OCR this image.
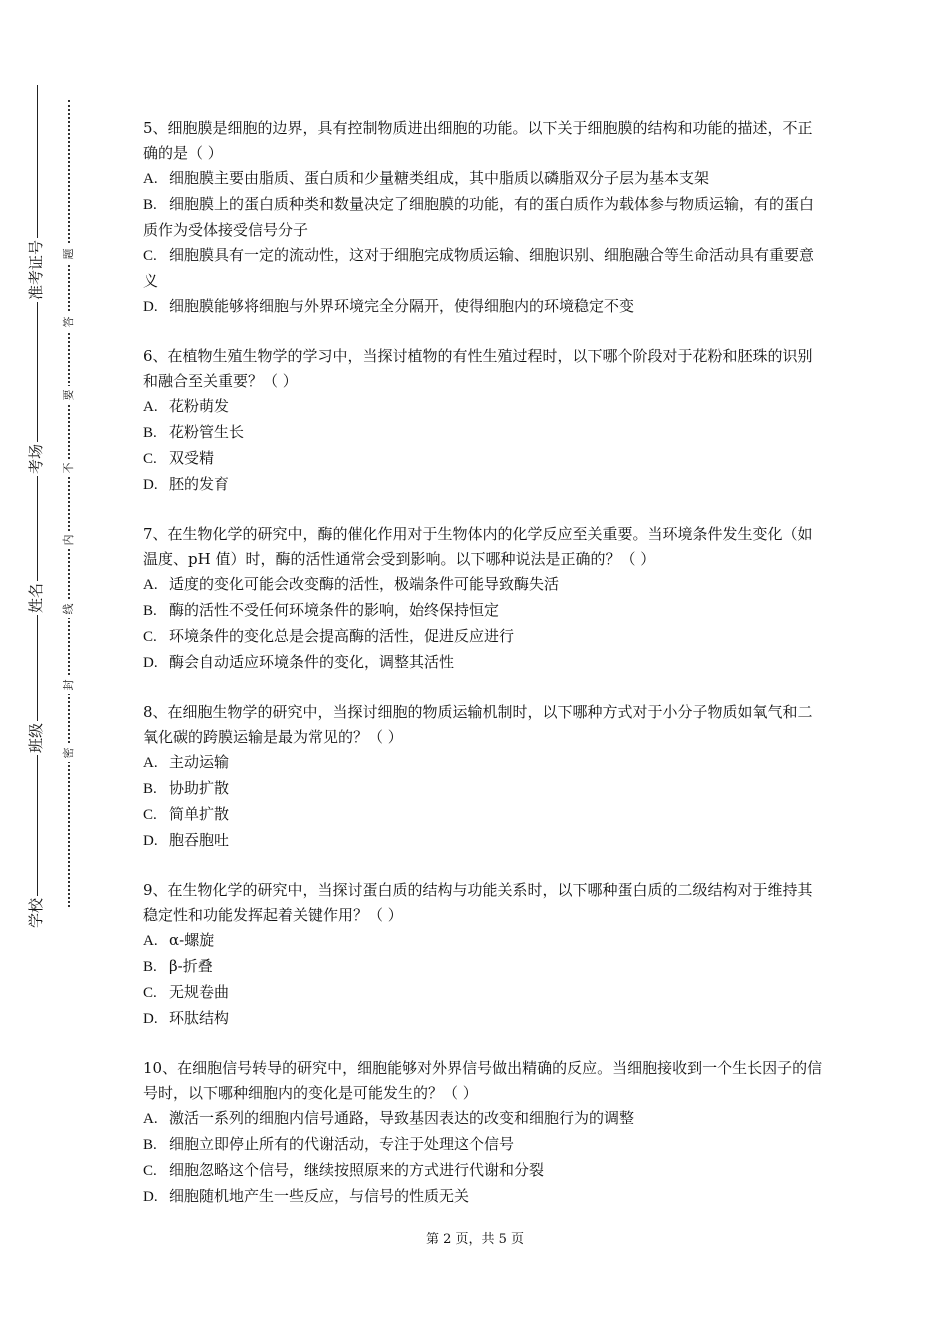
准考证号
考场
姓名
班级
学校
题
答
要
不
内
线
封
密

5、细胞膜是细胞的边界，具有控制物质进出细胞的功能。以下关于细胞膜的结构和功能的描述，不正确的是（ ）

A. 细胞膜主要由脂质、蛋白质和少量糖类组成，其中脂质以磷脂双分子层为基本支架
B. 细胞膜上的蛋白质种类和数量决定了细胞膜的功能，有的蛋白质作为载体参与物质运输，有的蛋白质作为受体接受信号分子
C. 细胞膜具有一定的流动性，这对于细胞完成物质运输、细胞识别、细胞融合等生命活动具有重要意义
D. 细胞膜能够将细胞与外界环境完全分隔开，使得细胞内的环境稳定不变

6、在植物生殖生物学的学习中，当探讨植物的有性生殖过程时，以下哪个阶段对于花粉和胚珠的识别和融合至关重要？（ ）

A. 花粉萌发
B. 花粉管生长
C. 双受精
D. 胚的发育

7、在生物化学的研究中，酶的催化作用对于生物体内的化学反应至关重要。当环境条件发生变化（如温度、pH 值）时，酶的活性通常会受到影响。以下哪种说法是正确的？（ ）

A. 适度的变化可能会改变酶的活性，极端条件可能导致酶失活
B. 酶的活性不受任何环境条件的影响，始终保持恒定
C. 环境条件的变化总是会提高酶的活性，促进反应进行
D. 酶会自动适应环境条件的变化，调整其活性

8、在细胞生物学的研究中，当探讨细胞的物质运输机制时，以下哪种方式对于小分子物质如氧气和二氧化碳的跨膜运输是最为常见的？（ ）

A. 主动运输
B. 协助扩散
C. 简单扩散
D. 胞吞胞吐

9、在生物化学的研究中，当探讨蛋白质的结构与功能关系时，以下哪种蛋白质的二级结构对于维持其稳定性和功能发挥起着关键作用？（ ）

A. α-螺旋
B. β-折叠
C. 无规卷曲
D. 环肽结构

10、在细胞信号转导的研究中，细胞能够对外界信号做出精确的反应。当细胞接收到一个生长因子的信号时，以下哪种细胞内的变化是可能发生的？（ ）

A. 激活一系列的细胞内信号通路，导致基因表达的改变和细胞行为的调整
B. 细胞立即停止所有的代谢活动，专注于处理这个信号
C. 细胞忽略这个信号，继续按照原来的方式进行代谢和分裂
D. 细胞随机地产生一些反应，与信号的性质无关
第 2 页，共 5 页
